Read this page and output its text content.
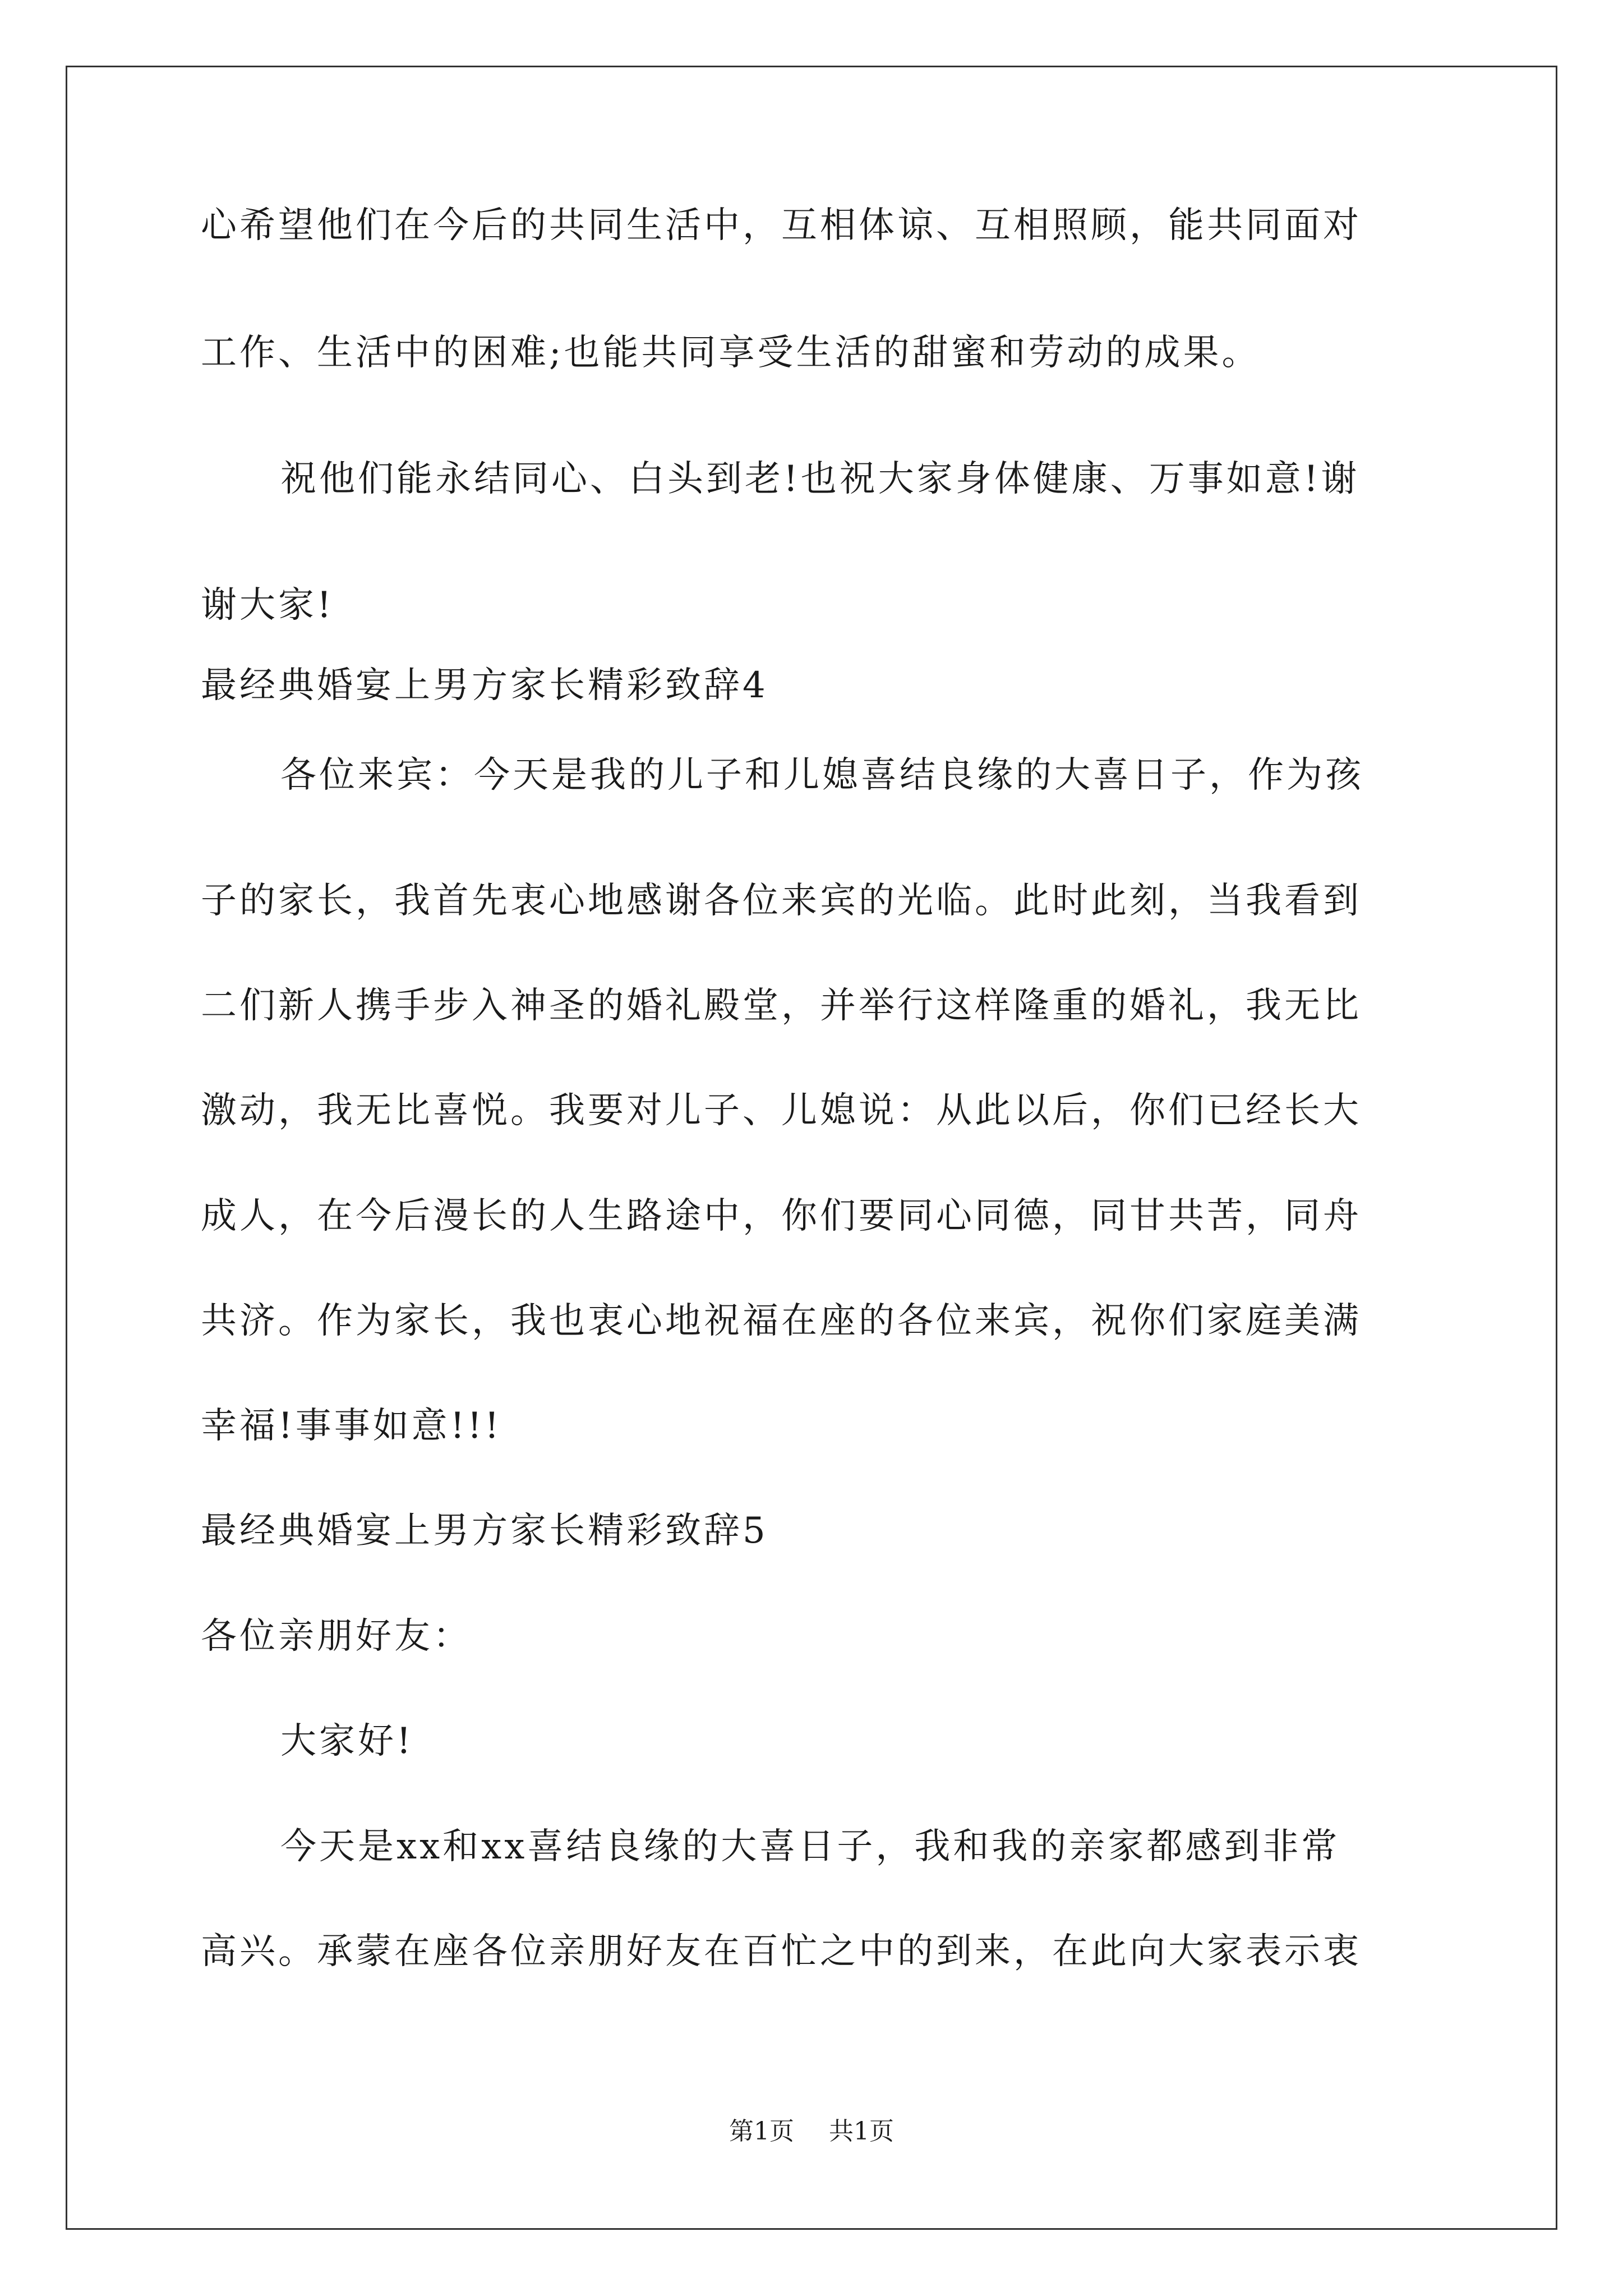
心希望他们在今后的共同生活中，互相体谅、互相照顾，能共同面对
工作、生活中的困难;也能共同享受生活的甜蜜和劳动的成果。
祝他们能永结同心、白头到老!也祝大家身体健康、万事如意!谢
谢大家!
最经典婚宴上男方家长精彩致辞4
各位来宾：今天是我的儿子和儿媳喜结良缘的大喜日子，作为孩
子的家长，我首先衷心地感谢各位来宾的光临。此时此刻，当我看到
二们新人携手步入神圣的婚礼殿堂，并举行这样隆重的婚礼，我无比
激动，我无比喜悦。我要对儿子、儿媳说：从此以后，你们已经长大
成人，在今后漫长的人生路途中，你们要同心同德，同甘共苦，同舟
共济。作为家长，我也衷心地祝福在座的各位来宾，祝你们家庭美满
幸福!事事如意!!!
最经典婚宴上男方家长精彩致辞5
各位亲朋好友：
大家好!
今天是xx和xx喜结良缘的大喜日子，我和我的亲家都感到非常
高兴。承蒙在座各位亲朋好友在百忙之中的到来，在此向大家表示衷
第1页 共1页
